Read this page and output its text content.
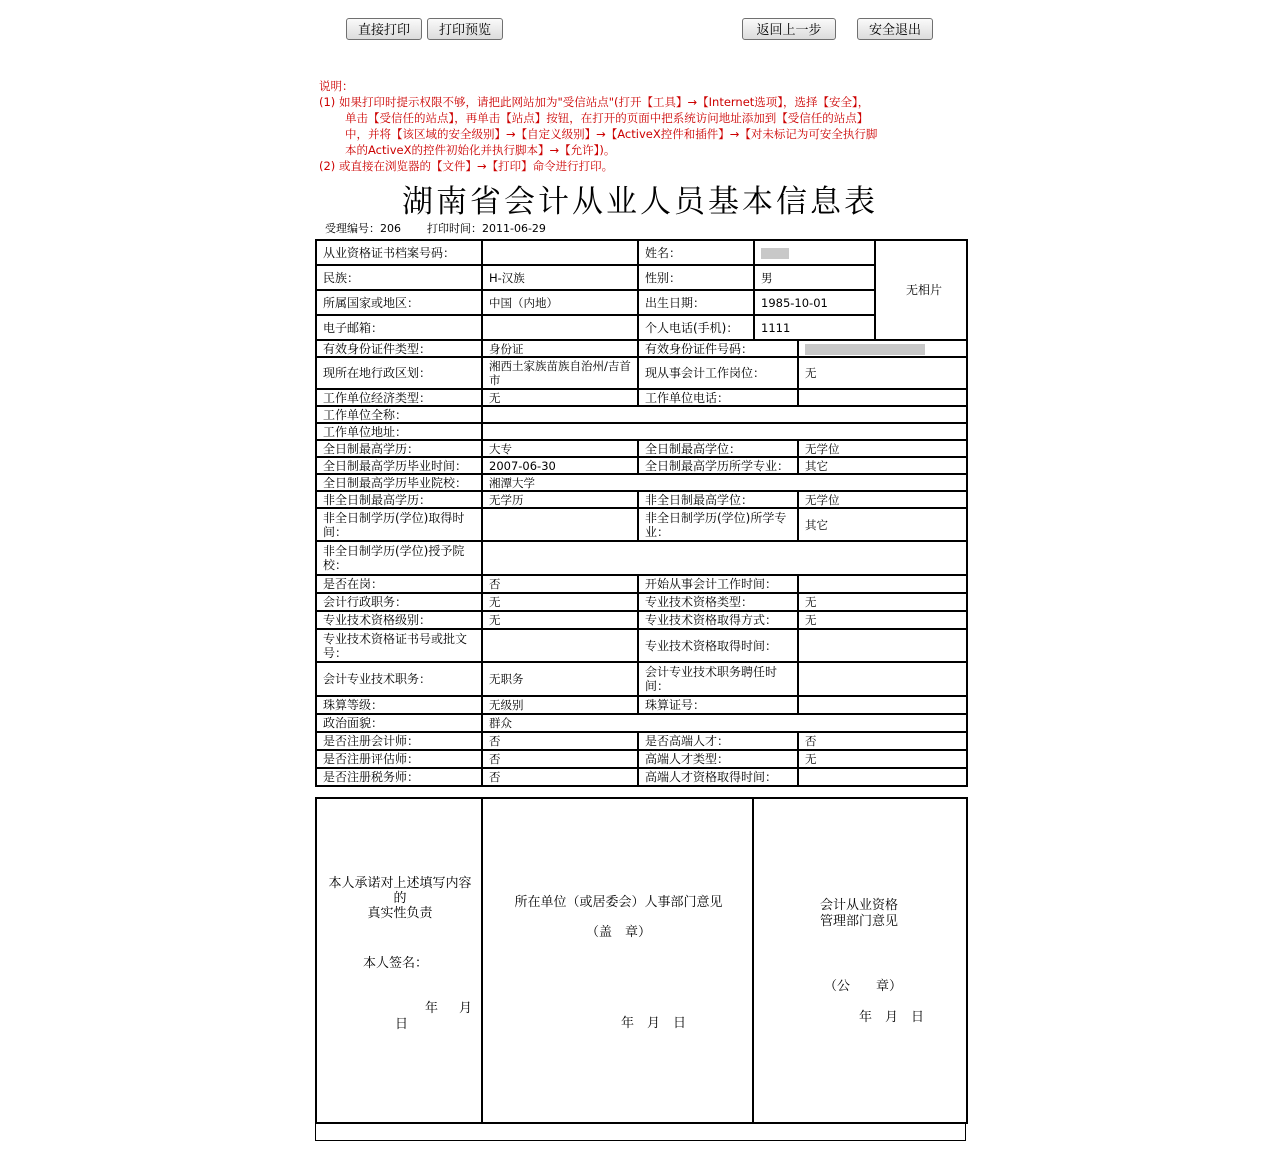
直接打印	打印预览	返回上一步	安全退出
说明：
(1) 如果打印时提示权限不够，请把此网站加为"受信站点"(打开【工具】→【Internet选项】，选择【安全】，
单击【受信任的站点】，再单击【站点】按钮，在打开的页面中把系统访问地址添加到【受信任的站点】
中，并将【该区域的安全级别】→【自定义级别】→【ActiveX控件和插件】→【对未标记为可安全执行脚
本的ActiveX的控件初始化并执行脚本】→【允许】)。
(2) 或直接在浏览器的【文件】→【打印】命令进行打印。
湖南省会计从业人员基本信息表
受理编号：206 打印时间：2011-06-29
从业资格证书档案号码：		姓名：			无相片
民族：	H-汉族	性别：	男		
所属国家或地区：	中国（内地）	出生日期：	1985-10-01		
电子邮箱：		个人电话(手机)：	1111		
有效身份证件类型：	身份证	有效身份证件号码：			
现所在地行政区划：	湘西土家族苗族自治州/吉首市	现从事会计工作岗位：		无	
工作单位经济类型：	无	工作单位电话：			
工作单位全称：					
工作单位地址：					
全日制最高学历：	大专	全日制最高学位：		无学位	
全日制最高学历毕业时间：	2007-06-30	全日制最高学历所学专业：		其它	
全日制最高学历毕业院校：	湘潭大学				
非全日制最高学历：	无学历	非全日制最高学位：		无学位	
非全日制学历(学位)取得时间：		非全日制学历(学位)所学专业：		其它	
非全日制学历(学位)授予院校：					
是否在岗：	否	开始从事会计工作时间：			
会计行政职务：	无	专业技术资格类型：		无	
专业技术资格级别：	无	专业技术资格取得方式：		无	
专业技术资格证书号或批文号：		专业技术资格取得时间：			
会计专业技术职务：	无职务	会计专业技术职务聘任时间：			
珠算等级：	无级别	珠算证号：			
政治面貌：	群众				
是否注册会计师：	否	是否高端人才：		否	
是否注册评估师：	否	高端人才类型：		无	
是否注册税务师：	否	高端人才资格取得时间：			
本人承诺对上述填写内容
的
真实性负责
本人签名：
年 月
日

所在单位（或居委会）人事部门意见
（盖　章）
年　月　日

会计从业资格
管理部门意见
（公　　章）
年　月　日
